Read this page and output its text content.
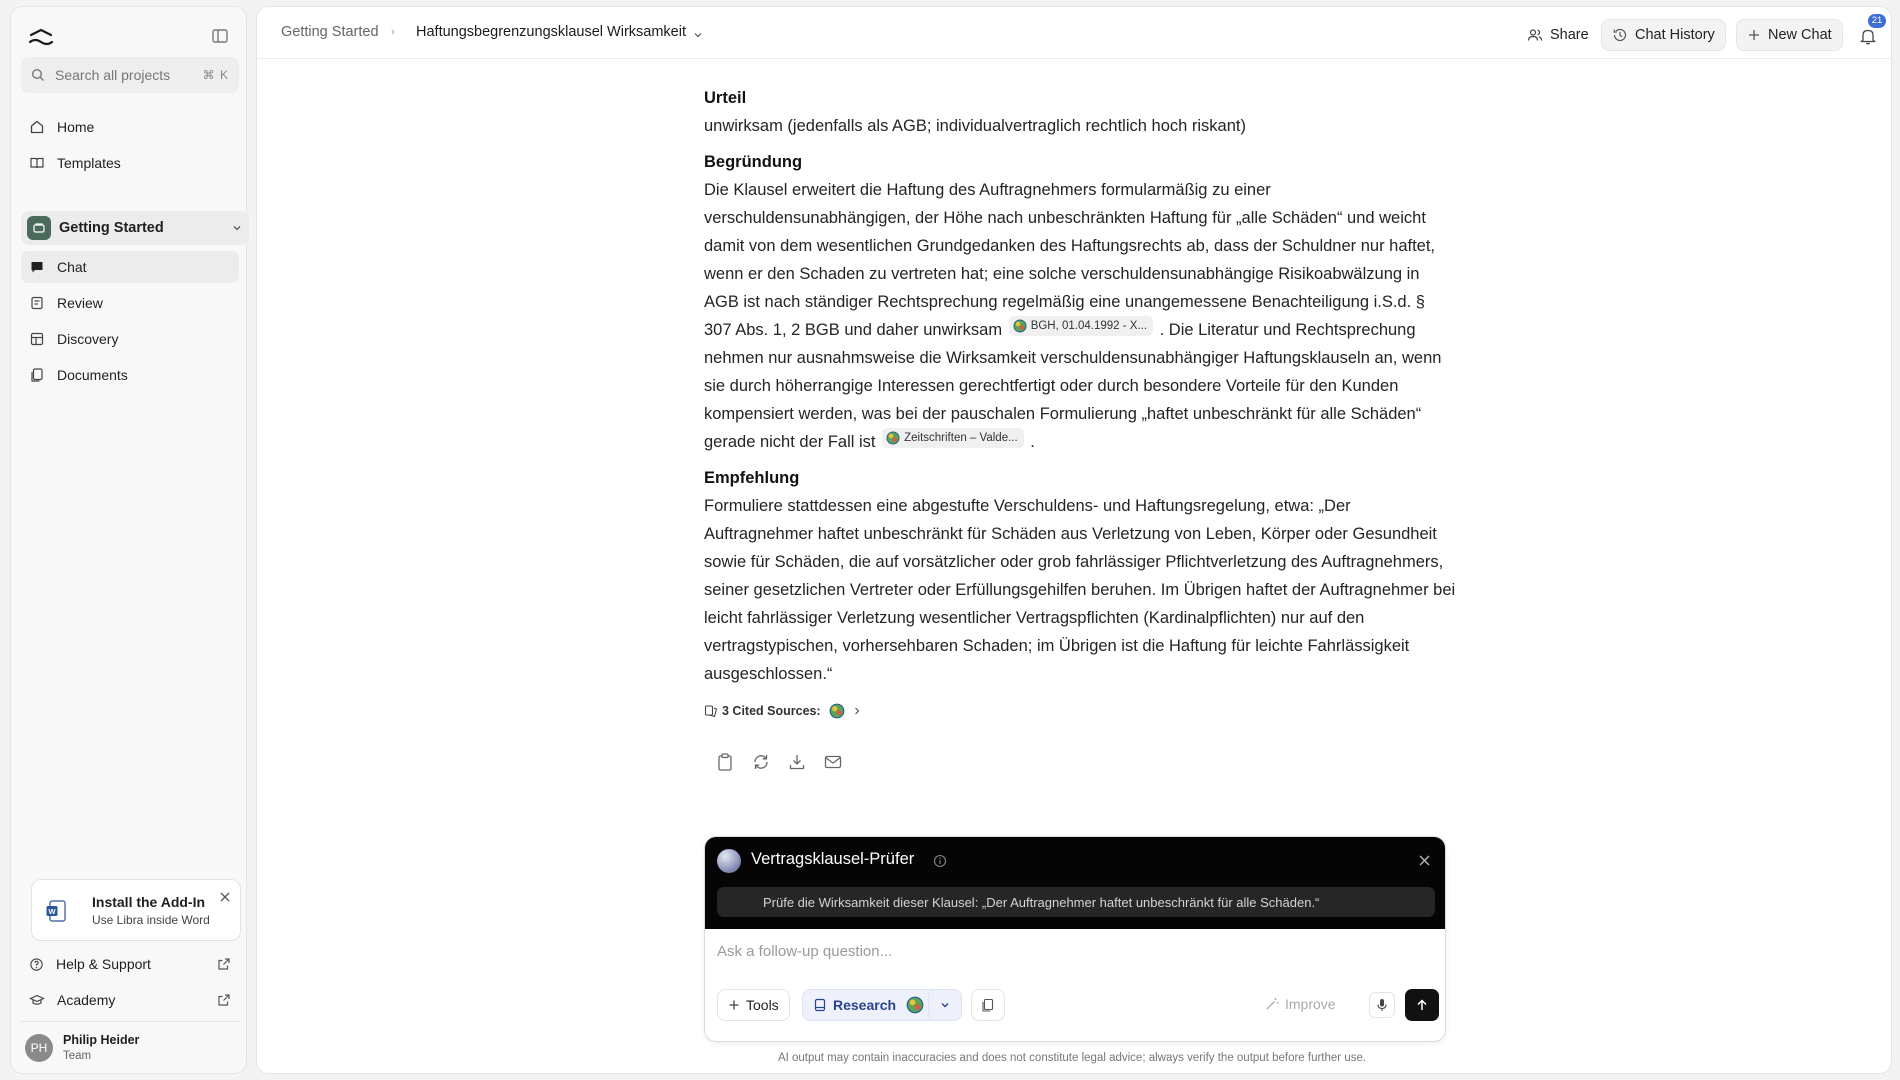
Search all projects	⌘ K
Home
Templates
Getting Started
Chat
Review
Discovery
Documents
W
Install the Add-In
Use Libra inside Word
Help & Support
Academy
PH
Philip Heider
Team
Getting Started › Haftungsbegrenzungsklausel Wirksamkeit	Share	Chat History	New Chat
21
Urteil

unwirksam (jedenfalls als AGB; individualvertraglich rechtlich hoch riskant)

Begründung

Die Klausel erweitert die Haftung des Auftragnehmers formularmäßig zu einer verschuldensunabhängigen, der Höhe nach unbeschränkten Haftung für „alle Schäden“ und weicht damit von dem wesentlichen Grundgedanken des Haftungsrechts ab, dass der Schuldner nur haftet, wenn er den Schaden zu vertreten hat; eine solche verschuldensunabhängige Risikoabwälzung in AGB ist nach ständiger Rechtsprechung regelmäßig eine unangemessene Benachteiligung i.S.d. § 307 Abs. 1, 2 BGB und daher unwirksam BGH, 01.04.1992 - X... . Die Literatur und Rechtsprechung nehmen nur ausnahmsweise die Wirksamkeit verschuldensunabhängiger Haftungsklauseln an, wenn sie durch höherrangige Interessen gerechtfertigt oder durch besondere Vorteile für den Kunden kompensiert werden, was bei der pauschalen Formulierung „haftet unbeschränkt für alle Schäden“ gerade nicht der Fall ist Zeitschriften – Valde... .

Empfehlung

Formuliere stattdessen eine abgestufte Verschuldens- und Haftungsregelung, etwa: „Der Auftragnehmer haftet unbeschränkt für Schäden aus Verletzung von Leben, Körper oder Gesundheit sowie für Schäden, die auf vorsätzlicher oder grob fahrlässiger Pflichtverletzung des Auftragnehmers, seiner gesetzlichen Vertreter oder Erfüllungsgehilfen beruhen. Im Übrigen haftet der Auftragnehmer bei leicht fahrlässiger Verletzung wesentlicher Vertragspflichten (Kardinalpflichten) nur auf den vertragstypischen, vorhersehbaren Schaden; im Übrigen ist die Haftung für leichte Fahrlässigkeit ausgeschlossen.“

3 Cited Sources:
Vertragsklausel-Prüfer
Prüfe die Wirksamkeit dieser Klausel: „Der Auftragnehmer haftet unbeschränkt für alle Schäden.“
Ask a follow-up question...
Tools	Research	Improve
AI output may contain inaccuracies and does not constitute legal advice; always verify the output before further use.
